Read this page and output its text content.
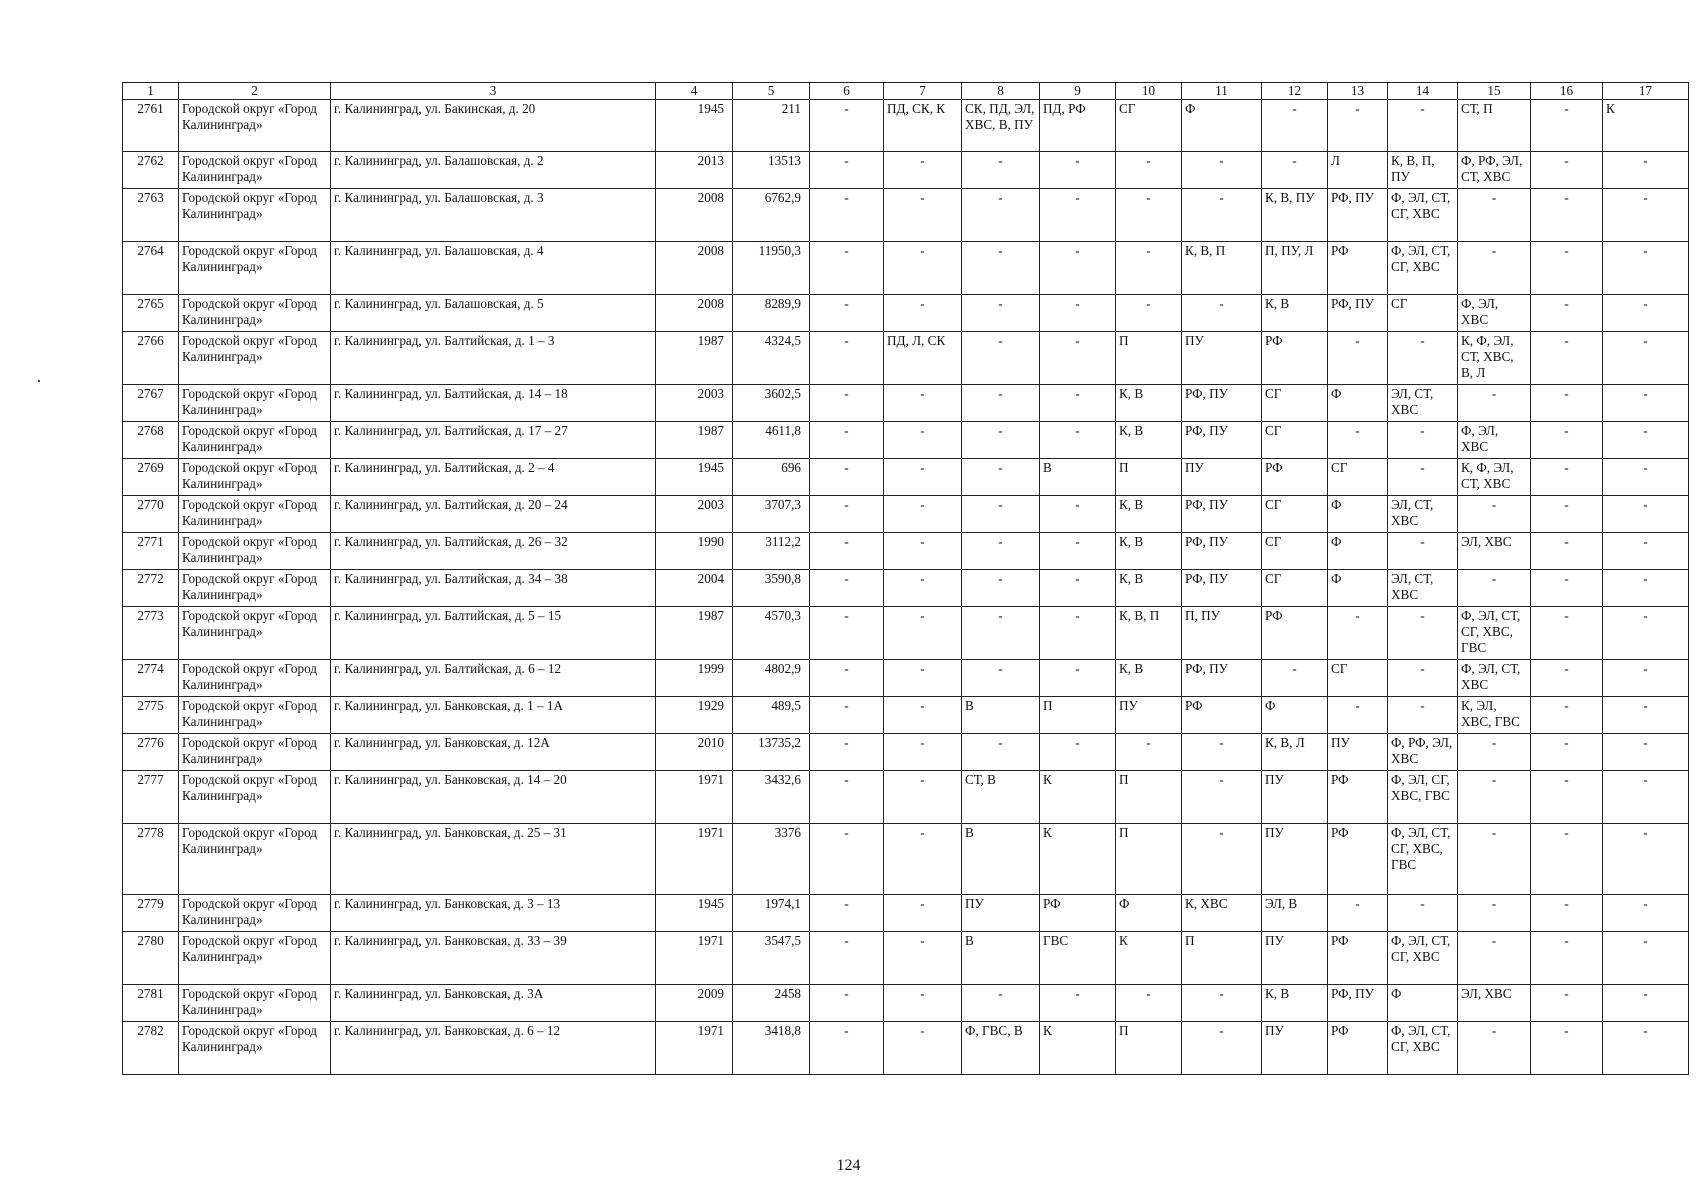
1	2	3	4	5	6	7	8	9	10	11	12	13	14	15	16	17
2761	Городской округ «Город Калининград»	г. Калининград, ул. Бакинская, д. 20	1945	211	-	ПД, СК, К	СК, ПД, ЭЛ, ХВС, В, ПУ	ПД, РФ	СГ	Ф	-	-	-	СТ, П	-	К
2762	Городской округ «Город Калининград»	г. Калининград, ул. Балашовская, д. 2	2013	13513	-	-	-	-	-	-	-	Л	К, В, П, ПУ	Ф, РФ, ЭЛ, СТ, ХВС	-	-
2763	Городской округ «Город Калининград»	г. Калининград, ул. Балашовская, д. 3	2008	6762,9	-	-	-	-	-	-	К, В, ПУ	РФ, ПУ	Ф, ЭЛ, СТ, СГ, ХВС	-	-	-
2764	Городской округ «Город Калининград»	г. Калининград, ул. Балашовская, д. 4	2008	11950,3	-	-	-	-	-	К, В, П	П, ПУ, Л	РФ	Ф, ЭЛ, СТ, СГ, ХВС	-	-	-
2765	Городской округ «Город Калининград»	г. Калининград, ул. Балашовская, д. 5	2008	8289,9	-	-	-	-	-	-	К, В	РФ, ПУ	СГ	Ф, ЭЛ, ХВС	-	-
2766	Городской округ «Город Калининград»	г. Калининград, ул. Балтийская, д. 1 – 3	1987	4324,5	-	ПД, Л, СК	-	-	П	ПУ	РФ	-	-	К, Ф, ЭЛ, СТ, ХВС, В, Л	-	-
2767	Городской округ «Город Калининград»	г. Калининград, ул. Балтийская, д. 14 – 18	2003	3602,5	-	-	-	-	К, В	РФ, ПУ	СГ	Ф	ЭЛ, СТ, ХВС	-	-	-
2768	Городской округ «Город Калининград»	г. Калининград, ул. Балтийская, д. 17 – 27	1987	4611,8	-	-	-	-	К, В	РФ, ПУ	СГ	-	-	Ф, ЭЛ, ХВС	-	-
2769	Городской округ «Город Калининград»	г. Калининград, ул. Балтийская, д. 2 – 4	1945	696	-	-	-	В	П	ПУ	РФ	СГ	-	К, Ф, ЭЛ, СТ, ХВС	-	-
2770	Городской округ «Город Калининград»	г. Калининград, ул. Балтийская, д. 20 – 24	2003	3707,3	-	-	-	-	К, В	РФ, ПУ	СГ	Ф	ЭЛ, СТ, ХВС	-	-	-
2771	Городской округ «Город Калининград»	г. Калининград, ул. Балтийская, д. 26 – 32	1990	3112,2	-	-	-	-	К, В	РФ, ПУ	СГ	Ф	-	ЭЛ, ХВС	-	-
2772	Городской округ «Город Калининград»	г. Калининград, ул. Балтийская, д. 34 – 38	2004	3590,8	-	-	-	-	К, В	РФ, ПУ	СГ	Ф	ЭЛ, СТ, ХВС	-	-	-
2773	Городской округ «Город Калининград»	г. Калининград, ул. Балтийская, д. 5 – 15	1987	4570,3	-	-	-	-	К, В, П	П, ПУ	РФ	-	-	Ф, ЭЛ, СТ, СГ, ХВС, ГВС	-	-
2774	Городской округ «Город Калининград»	г. Калининград, ул. Балтийская, д. 6 – 12	1999	4802,9	-	-	-	-	К, В	РФ, ПУ	-	СГ	-	Ф, ЭЛ, СТ, ХВС	-	-
2775	Городской округ «Город Калининград»	г. Калининград, ул. Банковская, д. 1 – 1А	1929	489,5	-	-	В	П	ПУ	РФ	Ф	-	-	К, ЭЛ, ХВС, ГВС	-	-
2776	Городской округ «Город Калининград»	г. Калининград, ул. Банковская, д. 12А	2010	13735,2	-	-	-	-	-	-	К, В, Л	ПУ	Ф, РФ, ЭЛ, ХВС	-	-	-
2777	Городской округ «Город Калининград»	г. Калининград, ул. Банковская, д. 14 – 20	1971	3432,6	-	-	СТ, В	К	П	-	ПУ	РФ	Ф, ЭЛ, СГ, ХВС, ГВС	-	-	-
2778	Городской округ «Город Калининград»	г. Калининград, ул. Банковская, д. 25 – 31	1971	3376	-	-	В	К	П	-	ПУ	РФ	Ф, ЭЛ, СТ, СГ, ХВС, ГВС	-	-	-
2779	Городской округ «Город Калининград»	г. Калининград, ул. Банковская, д. 3 – 13	1945	1974,1	-	-	ПУ	РФ	Ф	К, ХВС	ЭЛ, В	-	-	-	-	-
2780	Городской округ «Город Калининград»	г. Калининград, ул. Банковская, д. 33 – 39	1971	3547,5	-	-	В	ГВС	К	П	ПУ	РФ	Ф, ЭЛ, СТ, СГ, ХВС	-	-	-
2781	Городской округ «Город Калининград»	г. Калининград, ул. Банковская, д. 3А	2009	2458	-	-	-	-	-	-	К, В	РФ, ПУ	Ф	ЭЛ, ХВС	-	-
2782	Городской округ «Город Калининград»	г. Калининград, ул. Банковская, д. 6 – 12	1971	3418,8	-	-	Ф, ГВС, В	К	П	-	ПУ	РФ	Ф, ЭЛ, СТ, СГ, ХВС	-	-	-
124
